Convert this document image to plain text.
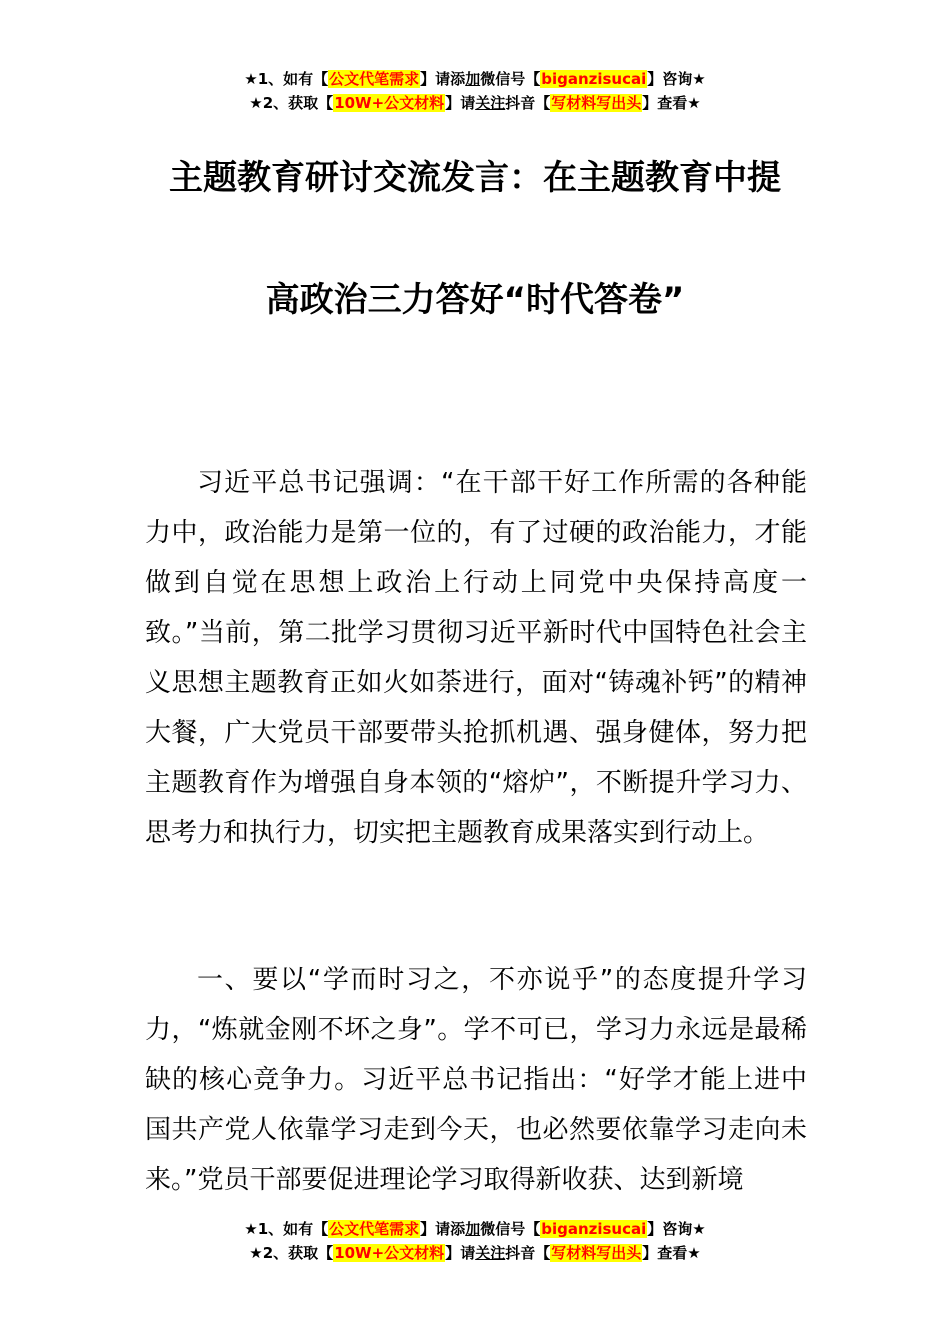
★1、如有【公文代笔需求】请添加微信号【biganzisucai】咨询★
★2、获取【10W+公文材料】请关注抖音【写材料写出头】查看★
主题教育研讨交流发言：在主题教育中提
高政治三力答好“时代答卷”

习近平总书记强调：“在干部干好工作所需的各种能力中，政治能力是第一位的，有了过硬的政治能力，才能做到自觉在思想上政治上行动上同党中央保持高度一致。”当前，第二批学习贯彻习近平新时代中国特色社会主义思想主题教育正如火如荼进行，面对“铸魂补钙”的精神大餐，广大党员干部要带头抢抓机遇、强身健体，努力把主题教育作为增强自身本领的“熔炉”，不断提升学习力、思考力和执行力，切实把主题教育成果落实到行动上。

一、要以“学而时习之，不亦说乎”的态度提升学习力，“炼就金刚不坏之身”。学不可已，学习力永远是最稀缺的核心竞争力。习近平总书记指出：“好学才能上进中国共产党人依靠学习走到今天，也必然要依靠学习走向未来。”党员干部要促进理论学习取得新收获、达到新境

★1、如有【公文代笔需求】请添加微信号【biganzisucai】咨询★
★2、获取【10W+公文材料】请关注抖音【写材料写出头】查看★
